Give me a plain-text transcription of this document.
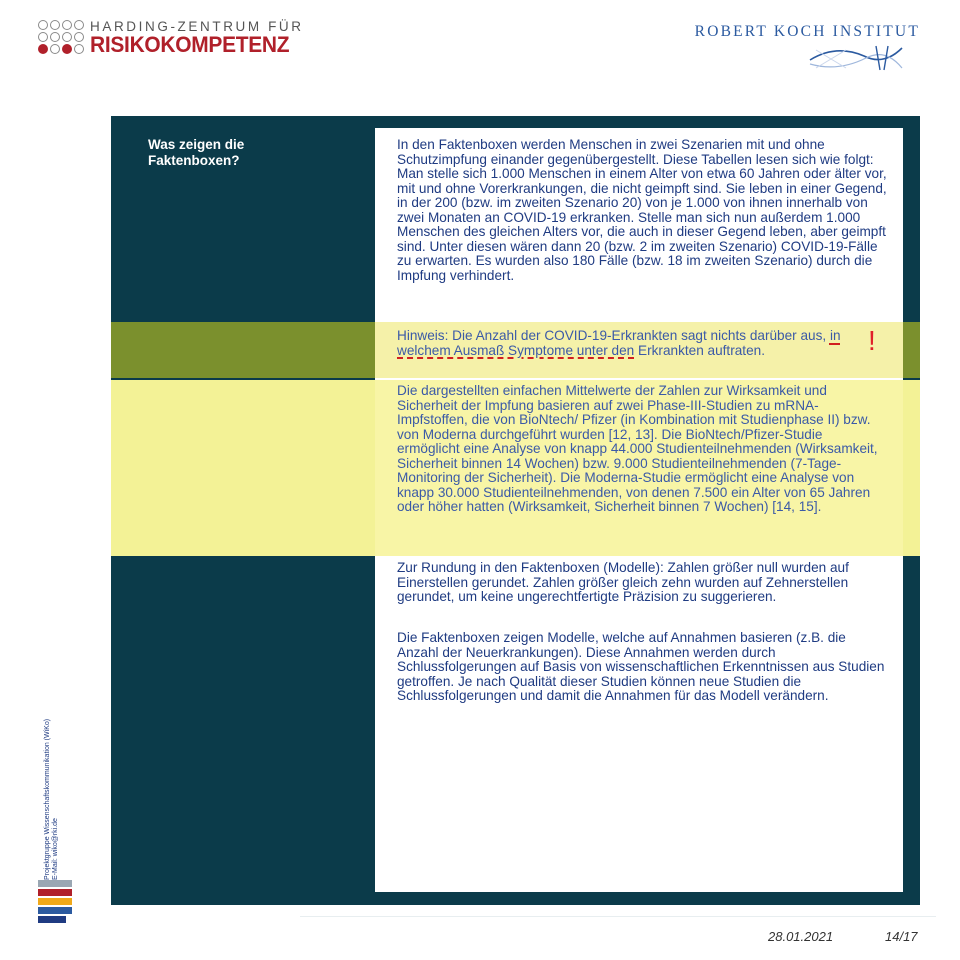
HARDING-ZENTRUM FÜR
RISIKOKOMPETENZ
ROBERT KOCH INSTITUT
Was zeigen die
Faktenboxen?
In den Faktenboxen werden Menschen in zwei Szenarien mit und ohne Schutzimpfung einander gegenübergestellt. Diese Tabellen lesen sich wie folgt: Man stelle sich 1.000 Menschen in einem Alter von etwa 60 Jahren oder älter vor, mit und ohne Vorerkrankungen, die nicht geimpft sind. Sie leben in einer Gegend, in der 200 (bzw. im zweiten Szenario 20) von je 1.000 von ihnen innerhalb von zwei Monaten an COVID-19 erkranken. Stelle man sich nun außerdem 1.000 Menschen des gleichen Alters vor, die auch in dieser Gegend leben, aber geimpft sind. Unter diesen wären dann 20 (bzw. 2 im zweiten Szenario) COVID-19-Fälle zu erwarten. Es wurden also 180 Fälle (bzw. 18 im zweiten Szenario) durch die Impfung verhindert.
Hinweis: Die Anzahl der COVID-19-Erkrankten sagt nichts darüber aus, in welchem Ausmaß Symptome unter den Erkrankten auftraten.	!
Die dargestellten einfachen Mittelwerte der Zahlen zur Wirksamkeit und Sicherheit der Impfung basieren auf zwei Phase-III-Studien zu mRNA-Impfstoffen, die von BioNtech/ Pfizer (in Kombination mit Studienphase II) bzw. von Moderna durchgeführt wurden [12, 13]. Die BioNtech/Pfizer-Studie ermöglicht eine Analyse von knapp 44.000 Studienteilnehmenden (Wirksamkeit, Sicherheit binnen 14 Wochen) bzw. 9.000 Studienteilnehmenden (7-Tage-Monitoring der Sicherheit). Die Moderna-Studie ermöglicht eine Analyse von knapp 30.000 Studienteilnehmenden, von denen 7.500 ein Alter von 65 Jahren oder höher hatten (Wirksamkeit, Sicherheit binnen 7 Wochen) [14, 15].
Zur Rundung in den Faktenboxen (Modelle): Zahlen größer null wurden auf Einerstellen gerundet. Zahlen größer gleich zehn wurden auf Zehnerstellen gerundet, um keine ungerechtfertigte Präzision zu suggerieren.
Die Faktenboxen zeigen Modelle, welche auf Annahmen basieren (z.B. die Anzahl der Neuerkrankungen). Diese Annahmen werden durch Schlussfolgerungen auf Basis von wissenschaftlichen Erkenntnissen aus Studien getroffen. Je nach Qualität dieser Studien können neue Studien die Schlussfolgerungen und damit die Annahmen für das Modell verändern.
Projektgruppe Wissenschaftskommunikation (WiKo) E-Mail: wiko@rki.de
28.01.2021	14/17
